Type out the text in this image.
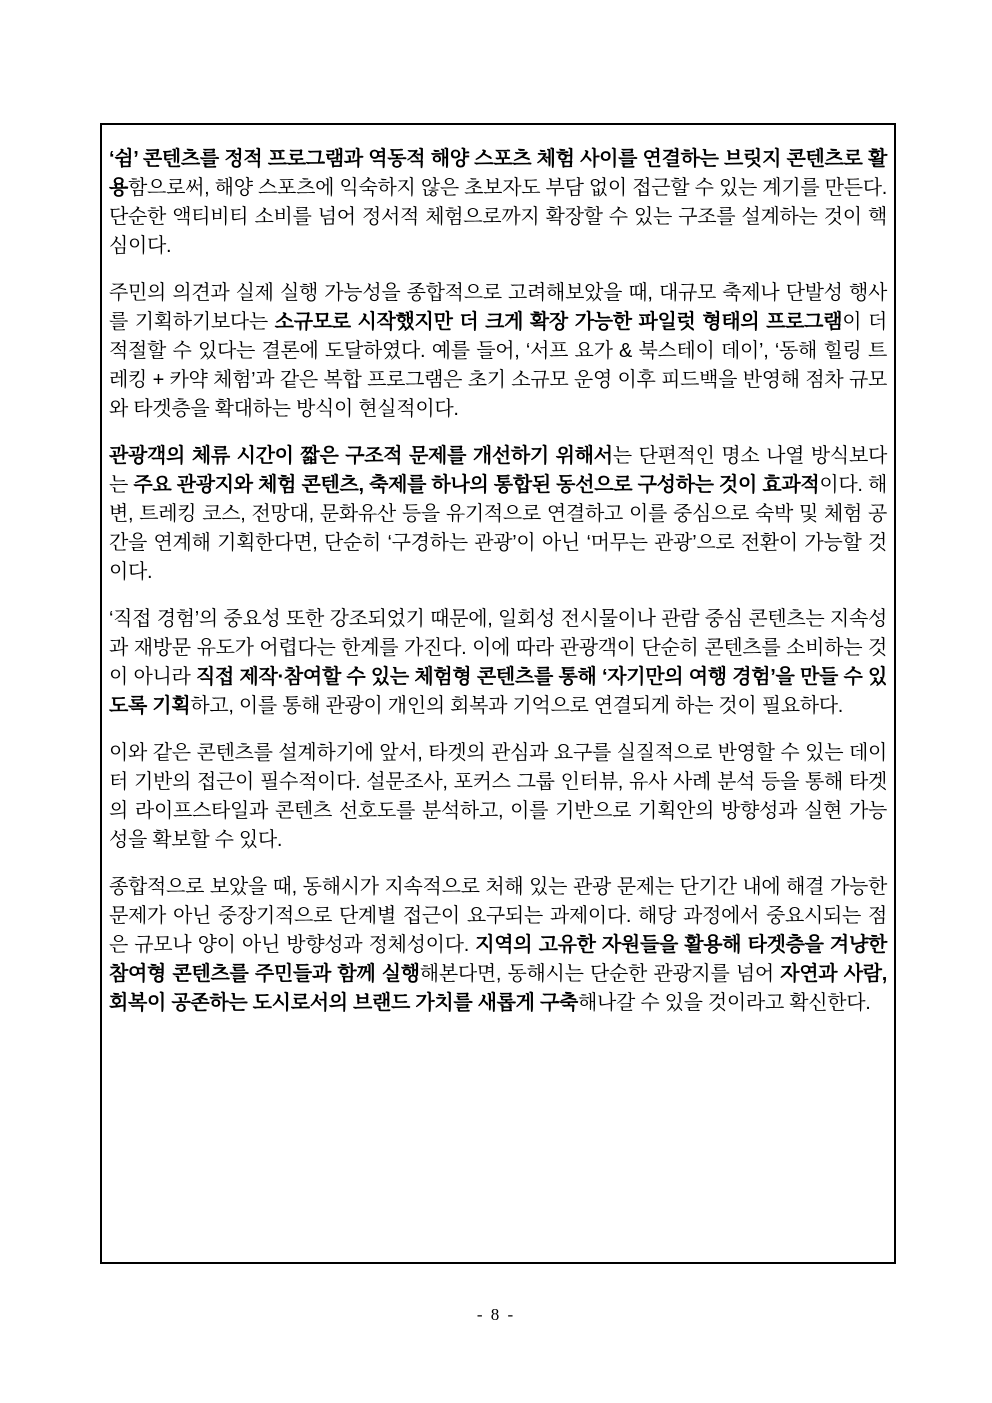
‘쉼’ 콘텐츠를 정적 프로그램과 역동적 해양 스포츠 체험 사이를 연결하는 브릿지 콘텐츠로 활용함으로써, 해양 스포츠에 익숙하지 않은 초보자도 부담 없이 접근할 수 있는 계기를 만든다. 단순한 액티비티 소비를 넘어 정서적 체험으로까지 확장할 수 있는 구조를 설계하는 것이 핵심이다.

주민의 의견과 실제 실행 가능성을 종합적으로 고려해보았을 때, 대규모 축제나 단발성 행사를 기획하기보다는 소규모로 시작했지만 더 크게 확장 가능한 파일럿 형태의 프로그램이 더 적절할 수 있다는 결론에 도달하였다. 예를 들어, ‘서프 요가 & 북스테이 데이’, ‘동해 힐링 트레킹 + 카약 체험’과 같은 복합 프로그램은 초기 소규모 운영 이후 피드백을 반영해 점차 규모와 타겟층을 확대하는 방식이 현실적이다.

관광객의 체류 시간이 짧은 구조적 문제를 개선하기 위해서는 단편적인 명소 나열 방식보다는 주요 관광지와 체험 콘텐츠, 축제를 하나의 통합된 동선으로 구성하는 것이 효과적이다. 해변, 트레킹 코스, 전망대, 문화유산 등을 유기적으로 연결하고 이를 중심으로 숙박 및 체험 공간을 연계해 기획한다면, 단순히 ‘구경하는 관광’이 아닌 ‘머무는 관광’으로 전환이 가능할 것이다.

‘직접 경험’의 중요성 또한 강조되었기 때문에, 일회성 전시물이나 관람 중심 콘텐츠는 지속성과 재방문 유도가 어렵다는 한계를 가진다. 이에 따라 관광객이 단순히 콘텐츠를 소비하는 것이 아니라 직접 제작·참여할 수 있는 체험형 콘텐츠를 통해 ‘자기만의 여행 경험’을 만들 수 있도록 기획하고, 이를 통해 관광이 개인의 회복과 기억으로 연결되게 하는 것이 필요하다.

이와 같은 콘텐츠를 설계하기에 앞서, 타겟의 관심과 요구를 실질적으로 반영할 수 있는 데이터 기반의 접근이 필수적이다. 설문조사, 포커스 그룹 인터뷰, 유사 사례 분석 등을 통해 타겟의 라이프스타일과 콘텐츠 선호도를 분석하고, 이를 기반으로 기획안의 방향성과 실현 가능성을 확보할 수 있다.

종합적으로 보았을 때, 동해시가 지속적으로 처해 있는 관광 문제는 단기간 내에 해결 가능한 문제가 아닌 중장기적으로 단계별 접근이 요구되는 과제이다. 해당 과정에서 중요시되는 점은 규모나 양이 아닌 방향성과 정체성이다. 지역의 고유한 자원들을 활용해 타겟층을 겨냥한 참여형 콘텐츠를 주민들과 함께 실행해본다면, 동해시는 단순한 관광지를 넘어 자연과 사람, 회복이 공존하는 도시로서의 브랜드 가치를 새롭게 구축해나갈 수 있을 것이라고 확신한다.

- 8 -
